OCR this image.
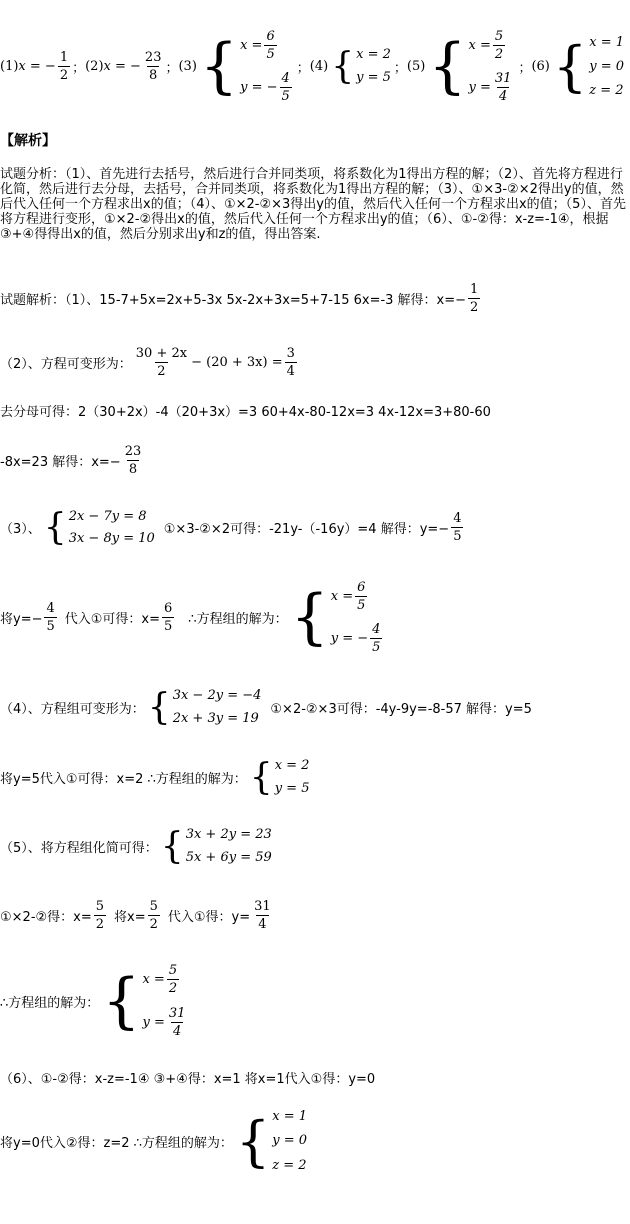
(1) x = − $\frac{1}{2}$ ； (2) x = − $\frac{23}{8}$ ； (3) { $x = \frac{6}{5}$
y = − $\frac{4}{5}$
； (4) { x = 2
y = 5
； (5) { $x = \frac{5}{2}$
$y = \frac{31}{4}$
； (6) { x = 1
y = 0
z = 2
【解析】
试题分析：（1）、首先进行去括号，然后进行合并同类项，将系数化为1得出方程的解；（2）、首先将方程进行化简，然后进行去分母，去括号，合并同类项，将系数化为1得出方程的解；（3）、①×3-②×2得出y的值，然后代入任何一个方程求出x的值；（4）、①×2-②×3得出y的值，然后代入任何一个方程求出x的值；（5）、首先将方程进行变形，①×2-②得出x的值，然后代入任何一个方程求出y的值；（6）、①-②得：x-z=-1④，根据 ③+④得得出x的值，然后分别求出y和z的值，得出答案.
试题解析：（1）、15-7+5x=2x+5-3x 5x-2x+3x=5+7-15 6x=-3 解得：$x=- \frac{1}{2}$
（2）、方程可变形为： $\frac{30 + 2x}{2} - (20 + 3x) = \frac{3}{4}$
去分母可得：2（30+2x）-4（20+3x）=3 60+4x-80-12x=3 4x-12x=3+80-60
-8x=23 解得：$x=- \frac{23}{8}$
（3）、 { 2x − 7y = 8
3x − 8y = 10
①×3-②×2可得：-21y-（-16y）=4 解得：$y=- \frac{4}{5}$
将$y=- \frac{4}{5}$ 代入①可得：$x= \frac{6}{5}$ ∴方程组的解为： { $x = \frac{6}{5}$
y = − $\frac{4}{5}$
（4）、方程组可变形为： { 3x − 2y = −4
2x + 3y = 19
①×2-②×3可得：-4y-9y=-8-57 解得：y=5
将y=5代入①可得：x=2 ∴方程组的解为： { x = 2
y = 5
（5）、将方程组化简可得： { 3x + 2y = 23
5x + 6y = 59
①×2-②得：$x= \frac{5}{2}$ 将$x= \frac{5}{2}$ 代入①得：$y= \frac{31}{4}$
∴方程组的解为： { $x = \frac{5}{2}$
$y = \frac{31}{4}$
（6）、①-②得：x-z=-1④ ③+④得：x=1 将x=1代入①得：y=0
将y=0代入②得：z=2 ∴方程组的解为： { x = 1
y = 0
z = 2
